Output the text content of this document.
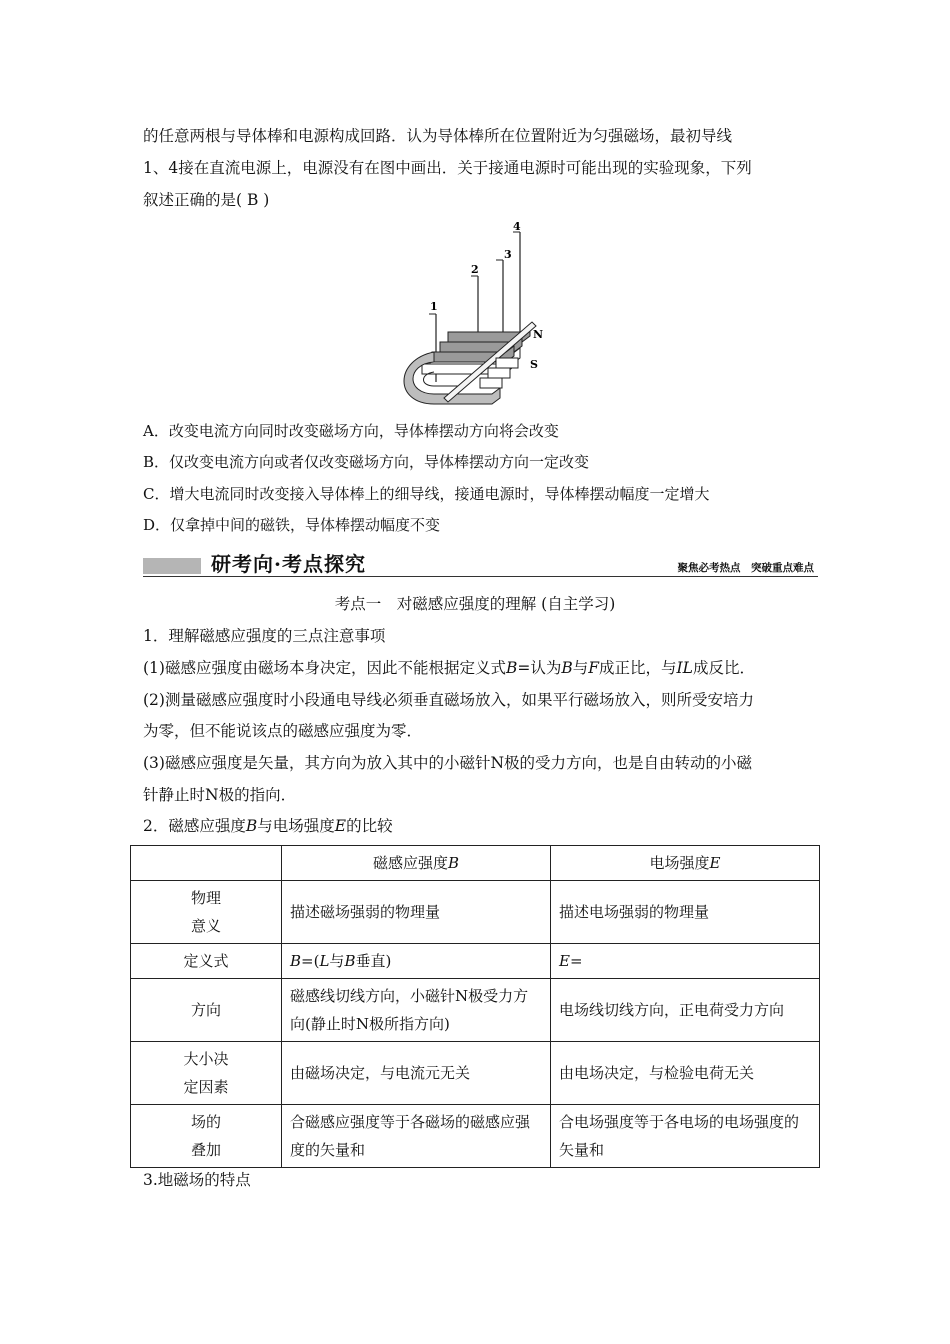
的任意两根与导体棒和电源构成回路．认为导体棒所在位置附近为匀强磁场，最初导线
1、4接在直流电源上，电源没有在图中画出．关于接通电源时可能出现的实验现象，下列
叙述正确的是( B )
1
2
3
4
N
S
A．改变电流方向同时改变磁场方向，导体棒摆动方向将会改变
B．仅改变电流方向或者仅改变磁场方向，导体棒摆动方向一定改变
C．增大电流同时改变接入导体棒上的细导线，接通电源时，导体棒摆动幅度一定增大
D．仅拿掉中间的磁铁，导体棒摆动幅度不变
研考向·考点探究	聚焦必考热点　突破重点难点
考点一　对磁感应强度的理解 (自主学习)
1．理解磁感应强度的三点注意事项
(1)磁感应强度由磁场本身决定，因此不能根据定义式B=认为B与F成正比，与IL成反比．
(2)测量磁感应强度时小段通电导线必须垂直磁场放入，如果平行磁场放入，则所受安培力
为零，但不能说该点的磁感应强度为零．
(3)磁感应强度是矢量，其方向为放入其中的小磁针N极的受力方向，也是自由转动的小磁
针静止时N极的指向．
2．磁感应强度B与电场强度E的比较
	磁感应强度B	电场强度E
物理
意义	描述磁场强弱的物理量	描述电场强弱的物理量
定义式	B=(L与B垂直)	E=
方向	磁感线切线方向，小磁针N极受力方向(静止时N极所指方向)	电场线切线方向，正电荷受力方向
大小决
定因素	由磁场决定，与电流元无关	由电场决定，与检验电荷无关
场的
叠加	合磁感应强度等于各磁场的磁感应强度的矢量和	合电场强度等于各电场的电场强度的矢量和
3.地磁场的特点
